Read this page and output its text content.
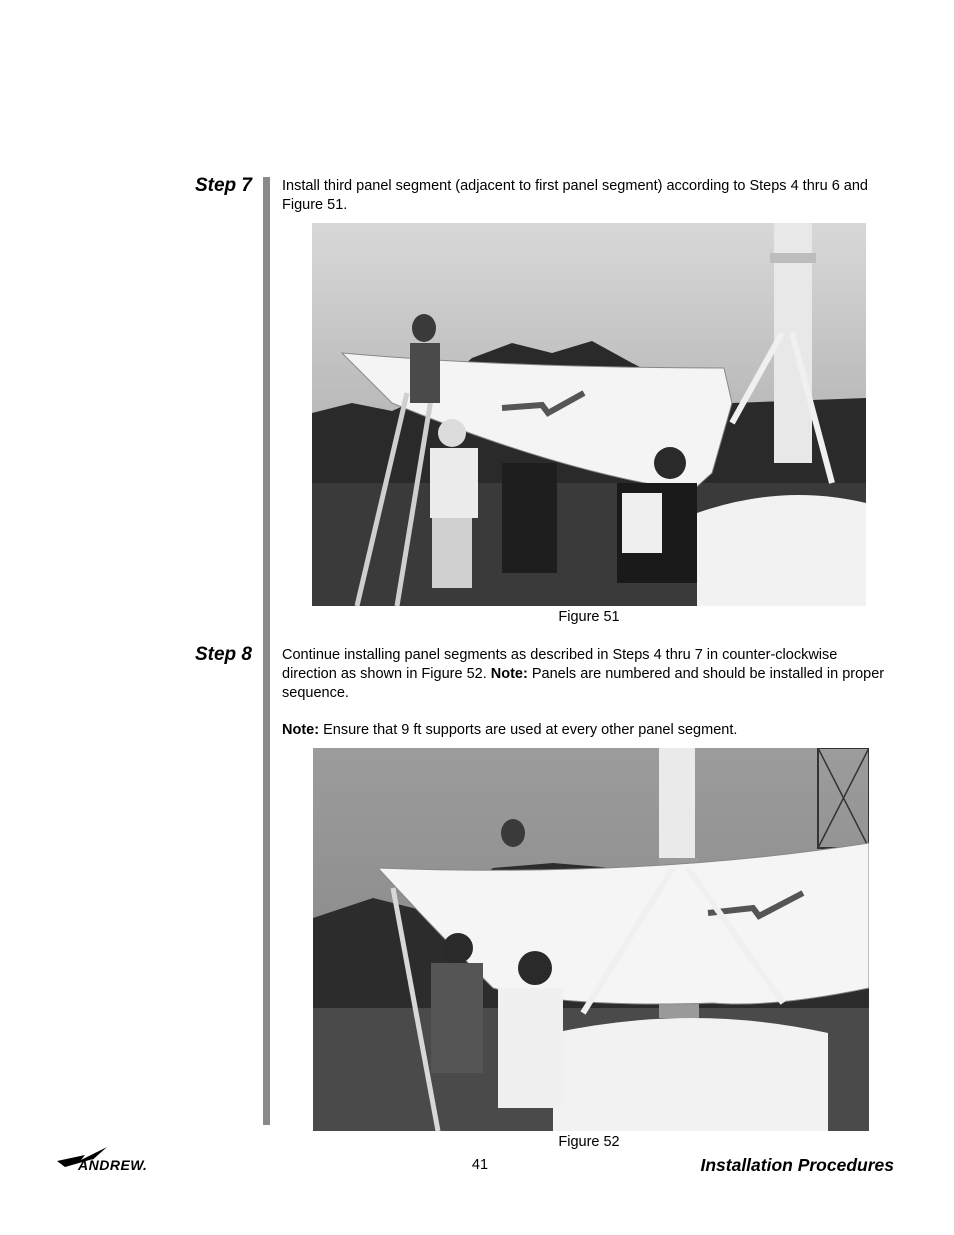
Step 7 Install third panel segment (adjacent to first panel segment) according to Steps 4 thru 6 and Figure 51.
Figure 51
Step 8 Continue installing panel segments as described in Steps 4 thru 7 in counter-clockwise direction as shown in Figure 52. Note: Panels are numbered and should be installed in proper sequence.
Note: Ensure that 9 ft supports are used at every other panel segment.
Figure 52
ANDREW.	41	Installation Procedures
